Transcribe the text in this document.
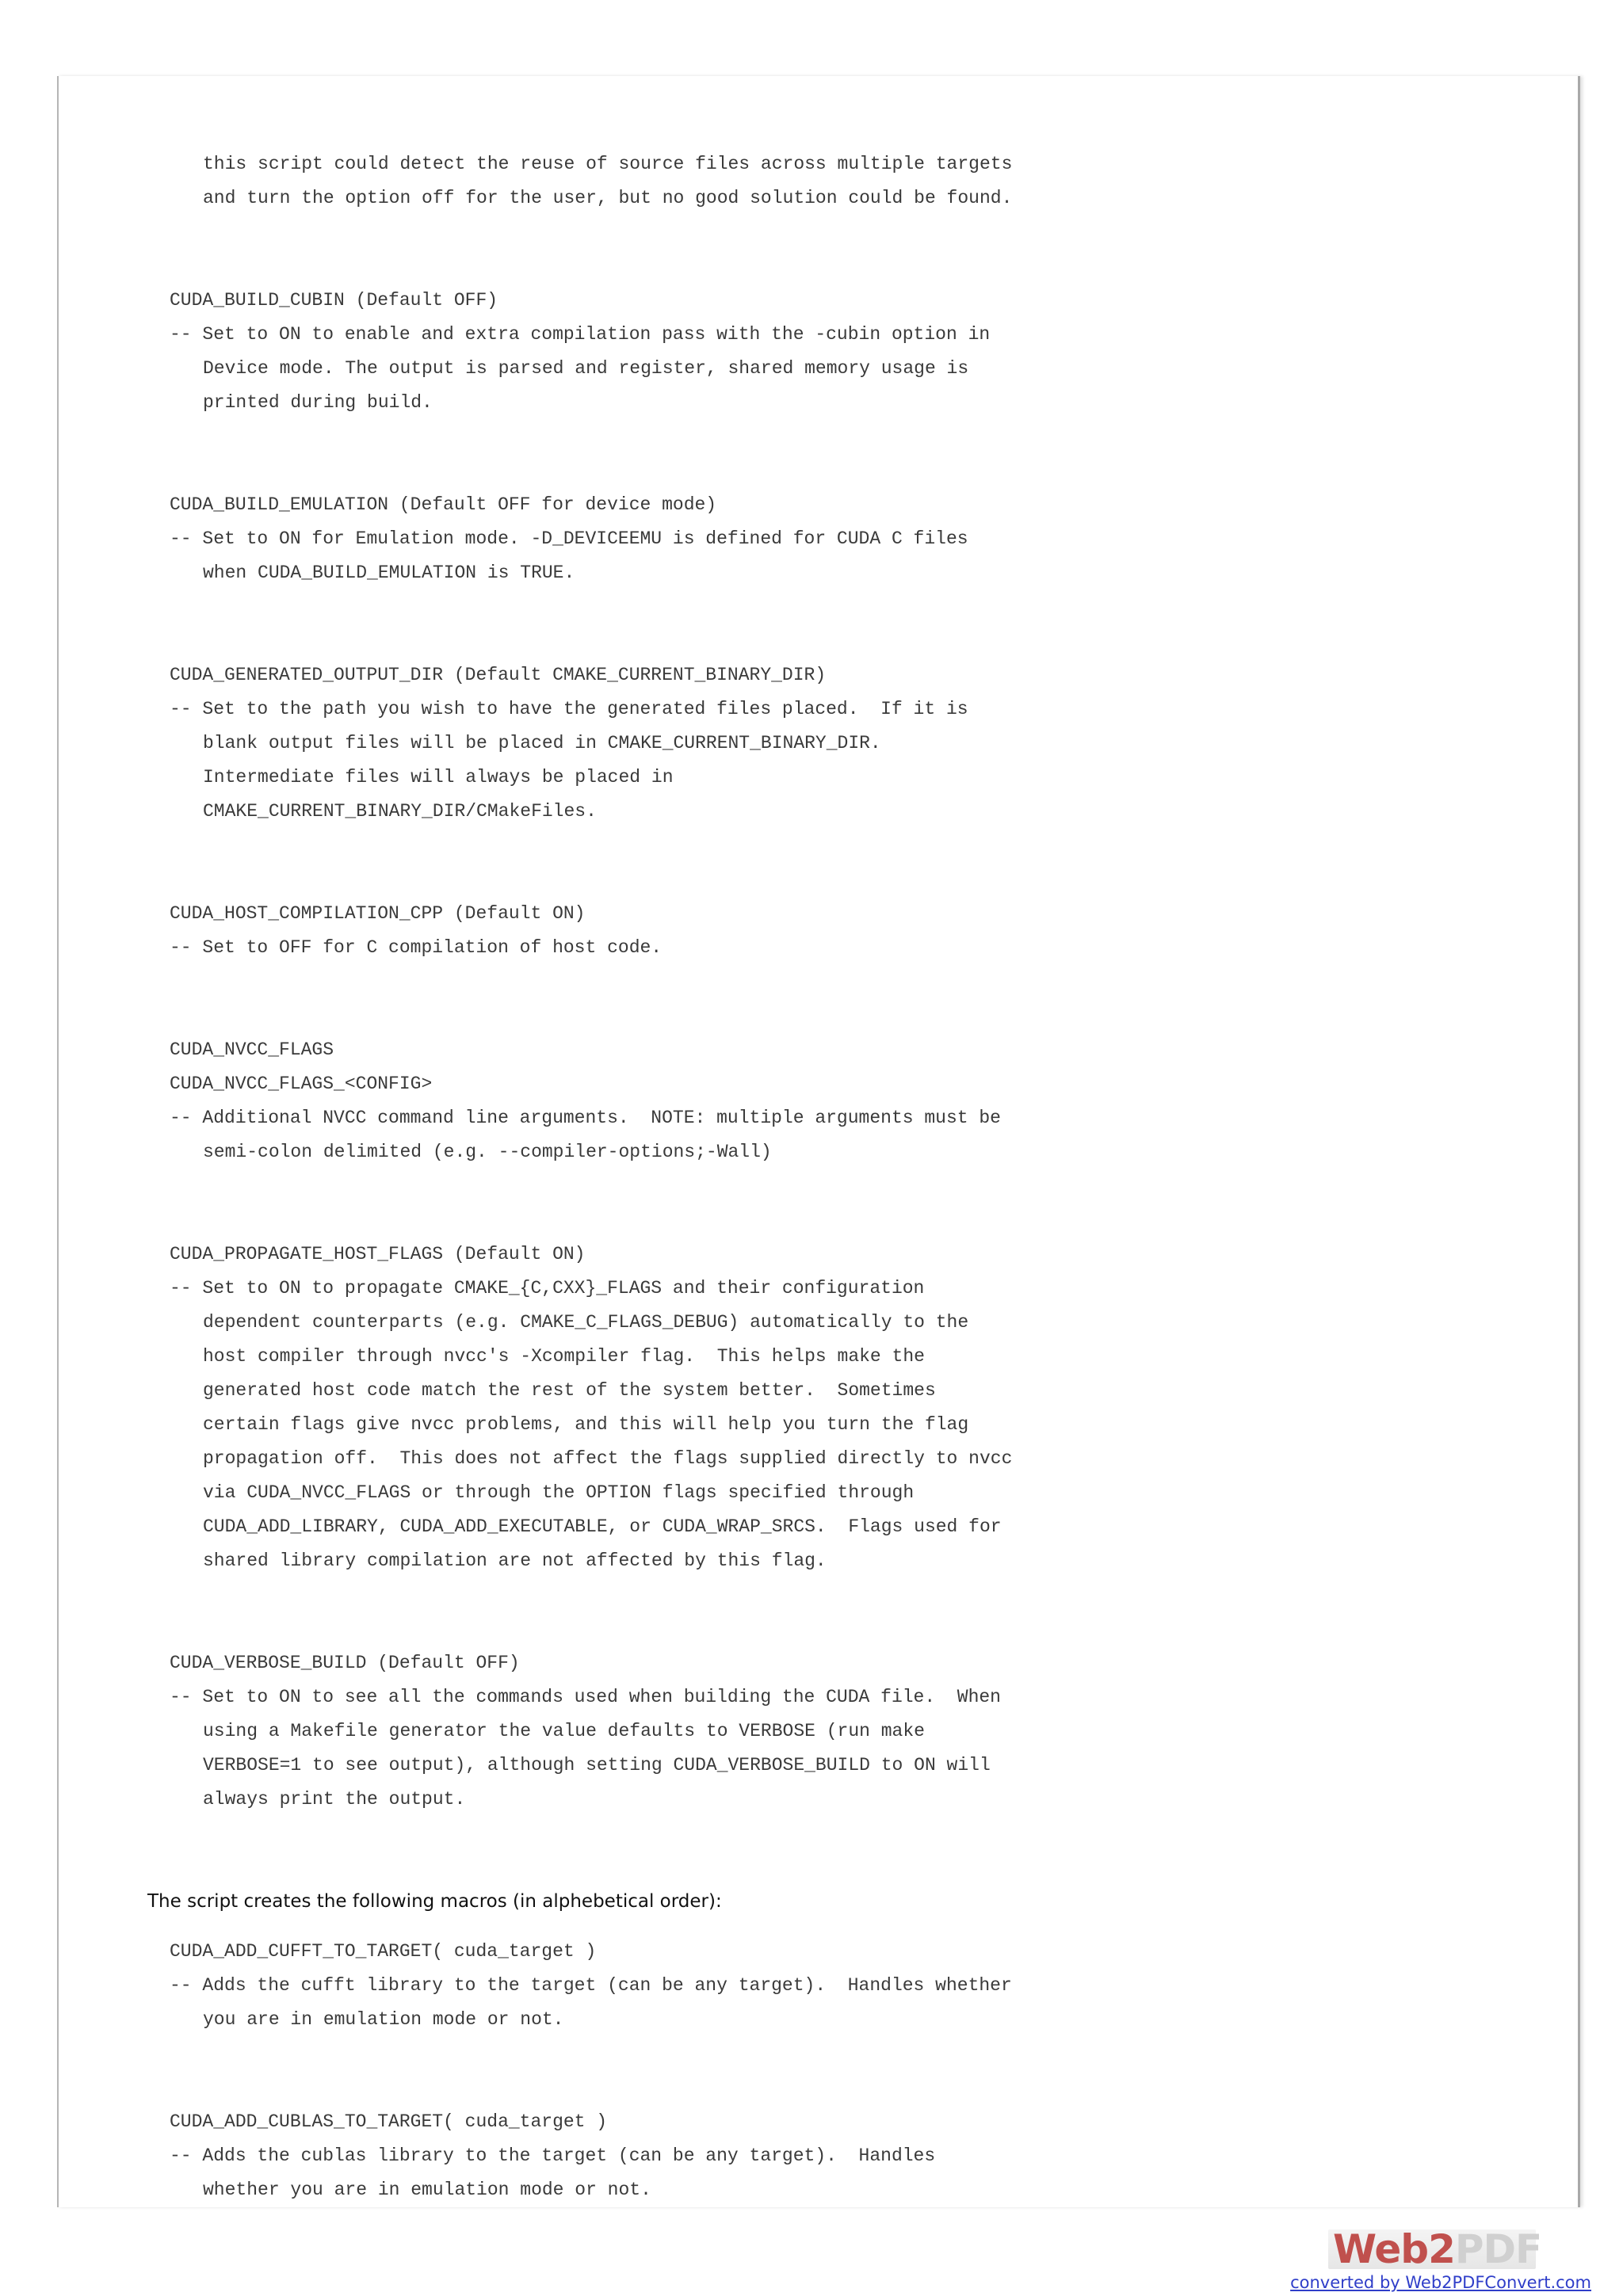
this script could detect the reuse of source files across multiple targets
and turn the option off for the user, but no good solution could be found.
CUDA_BUILD_CUBIN (Default OFF)
-- Set to ON to enable and extra compilation pass with the -cubin option in
Device mode. The output is parsed and register, shared memory usage is
printed during build.
CUDA_BUILD_EMULATION (Default OFF for device mode)
-- Set to ON for Emulation mode. -D_DEVICEEMU is defined for CUDA C files
when CUDA_BUILD_EMULATION is TRUE.
CUDA_GENERATED_OUTPUT_DIR (Default CMAKE_CURRENT_BINARY_DIR)
-- Set to the path you wish to have the generated files placed.  If it is
blank output files will be placed in CMAKE_CURRENT_BINARY_DIR.
Intermediate files will always be placed in
CMAKE_CURRENT_BINARY_DIR/CMakeFiles.
CUDA_HOST_COMPILATION_CPP (Default ON)
-- Set to OFF for C compilation of host code.
CUDA_NVCC_FLAGS
CUDA_NVCC_FLAGS_<CONFIG>
-- Additional NVCC command line arguments.  NOTE: multiple arguments must be
semi-colon delimited (e.g. --compiler-options;-Wall)
CUDA_PROPAGATE_HOST_FLAGS (Default ON)
-- Set to ON to propagate CMAKE_{C,CXX}_FLAGS and their configuration
dependent counterparts (e.g. CMAKE_C_FLAGS_DEBUG) automatically to the
host compiler through nvcc's -Xcompiler flag.  This helps make the
generated host code match the rest of the system better.  Sometimes
certain flags give nvcc problems, and this will help you turn the flag
propagation off.  This does not affect the flags supplied directly to nvcc
via CUDA_NVCC_FLAGS or through the OPTION flags specified through
CUDA_ADD_LIBRARY, CUDA_ADD_EXECUTABLE, or CUDA_WRAP_SRCS.  Flags used for
shared library compilation are not affected by this flag.
CUDA_VERBOSE_BUILD (Default OFF)
-- Set to ON to see all the commands used when building the CUDA file.  When
using a Makefile generator the value defaults to VERBOSE (run make
VERBOSE=1 to see output), although setting CUDA_VERBOSE_BUILD to ON will
always print the output.
The script creates the following macros (in alphebetical order):
CUDA_ADD_CUFFT_TO_TARGET( cuda_target )
-- Adds the cufft library to the target (can be any target).  Handles whether
you are in emulation mode or not.
CUDA_ADD_CUBLAS_TO_TARGET( cuda_target )
-- Adds the cublas library to the target (can be any target).  Handles
whether you are in emulation mode or not.
Web2PDF
converted by Web2PDFConvert.com
